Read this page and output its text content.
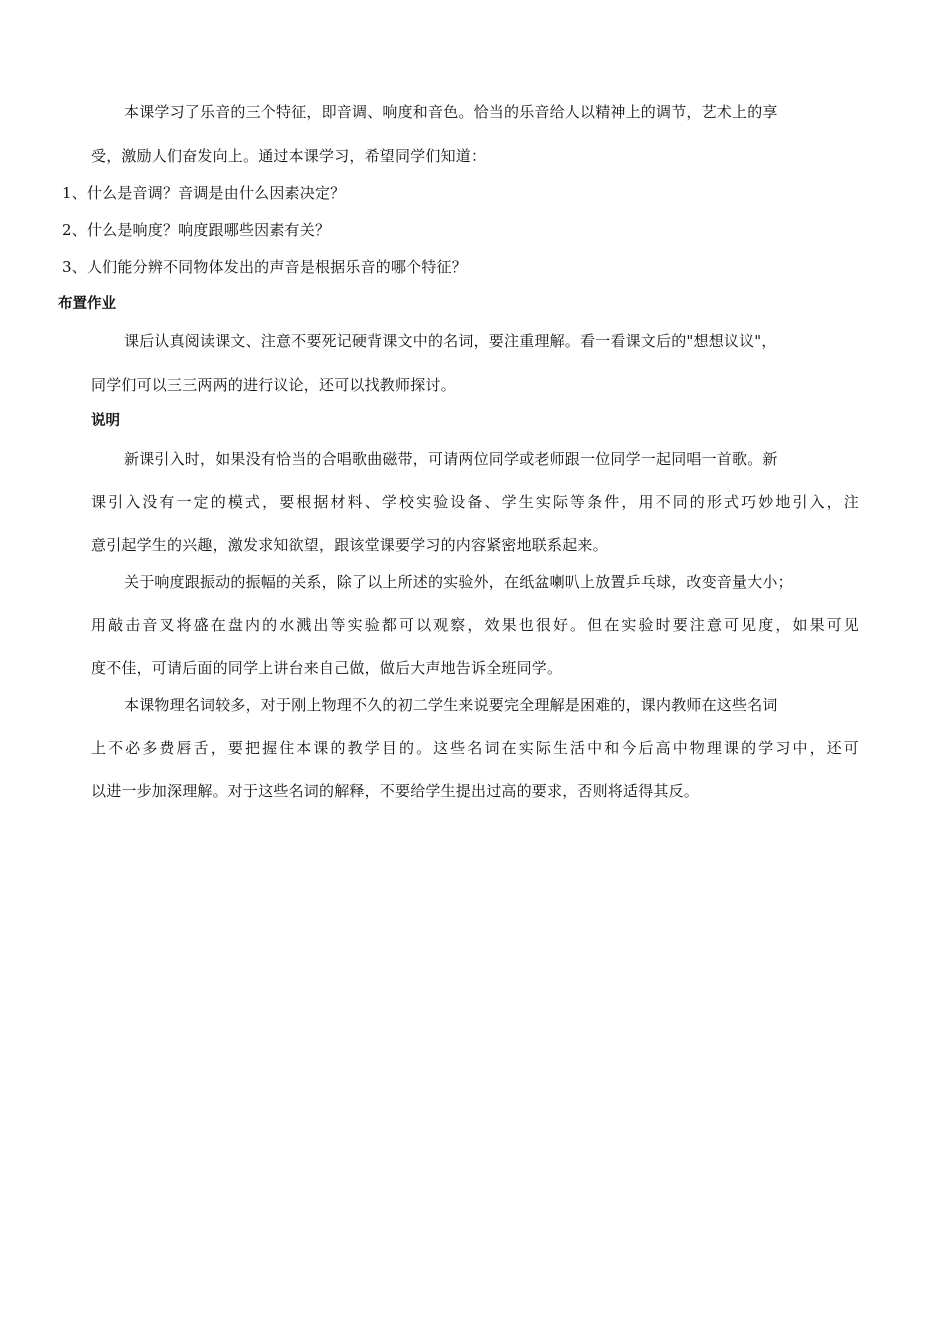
本课学习了乐音的三个特征，即音调、响度和音色。恰当的乐音给人以精神上的调节，艺术上的享
受，激励人们奋发向上。通过本课学习，希望同学们知道：
1、什么是音调？音调是由什么因素决定？
2、什么是响度？响度跟哪些因素有关？
3、人们能分辨不同物体发出的声音是根据乐音的哪个特征？
布置作业
课后认真阅读课文、注意不要死记硬背课文中的名词，要注重理解。看一看课文后的"想想议议"，
同学们可以三三两两的进行议论，还可以找教师探讨。
说明
新课引入时，如果没有恰当的合唱歌曲磁带，可请两位同学或老师跟一位同学一起同唱一首歌。新
课引入没有一定的模式，要根据材料、学校实验设备、学生实际等条件，用不同的形式巧妙地引入，注
意引起学生的兴趣，激发求知欲望，跟该堂课要学习的内容紧密地联系起来。
关于响度跟振动的振幅的关系，除了以上所述的实验外，在纸盆喇叭上放置乒乓球，改变音量大小；
用敲击音叉将盛在盘内的水溅出等实验都可以观察，效果也很好。但在实验时要注意可见度，如果可见
度不佳，可请后面的同学上讲台来自己做，做后大声地告诉全班同学。
本课物理名词较多，对于刚上物理不久的初二学生来说要完全理解是困难的，课内教师在这些名词
上不必多费唇舌，要把握住本课的教学目的。这些名词在实际生活中和今后高中物理课的学习中，还可
以进一步加深理解。对于这些名词的解释，不要给学生提出过高的要求，否则将适得其反。
